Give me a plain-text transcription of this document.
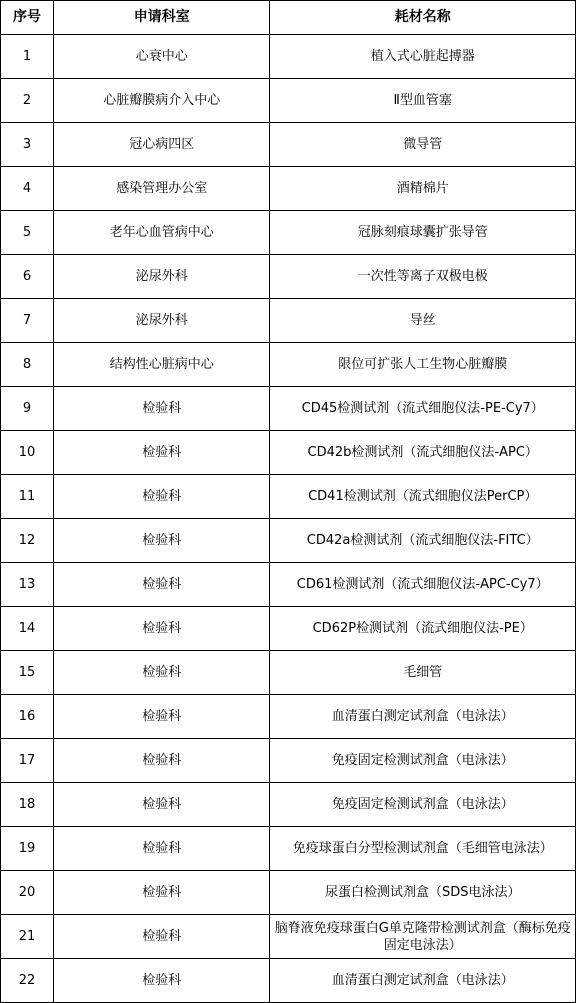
序号	申请科室	耗材名称
1	心衰中心	植入式心脏起搏器
2	心脏瓣膜病介入中心	Ⅱ型血管塞
3	冠心病四区	微导管
4	感染管理办公室	酒精棉片
5	老年心血管病中心	冠脉刻痕球囊扩张导管
6	泌尿外科	一次性等离子双极电极
7	泌尿外科	导丝
8	结构性心脏病中心	限位可扩张人工生物心脏瓣膜
9	检验科	CD45检测试剂（流式细胞仪法-PE-Cy7）
10	检验科	CD42b检测试剂（流式细胞仪法-APC）
11	检验科	CD41检测试剂（流式细胞仪法PerCP）
12	检验科	CD42a检测试剂（流式细胞仪法-FITC）
13	检验科	CD61检测试剂（流式细胞仪法-APC-Cy7）
14	检验科	CD62P检测试剂（流式细胞仪法-PE）
15	检验科	毛细管
16	检验科	血清蛋白测定试剂盒（电泳法）
17	检验科	免疫固定检测试剂盒（电泳法）
18	检验科	免疫固定检测试剂盒（电泳法）
19	检验科	免疫球蛋白分型检测试剂盒（毛细管电泳法）
20	检验科	尿蛋白检测试剂盒（SDS电泳法）
21	检验科	脑脊液免疫球蛋白G单克隆带检测试剂盒（酶标免疫固定电泳法）
22	检验科	血清蛋白测定试剂盒（电泳法）
